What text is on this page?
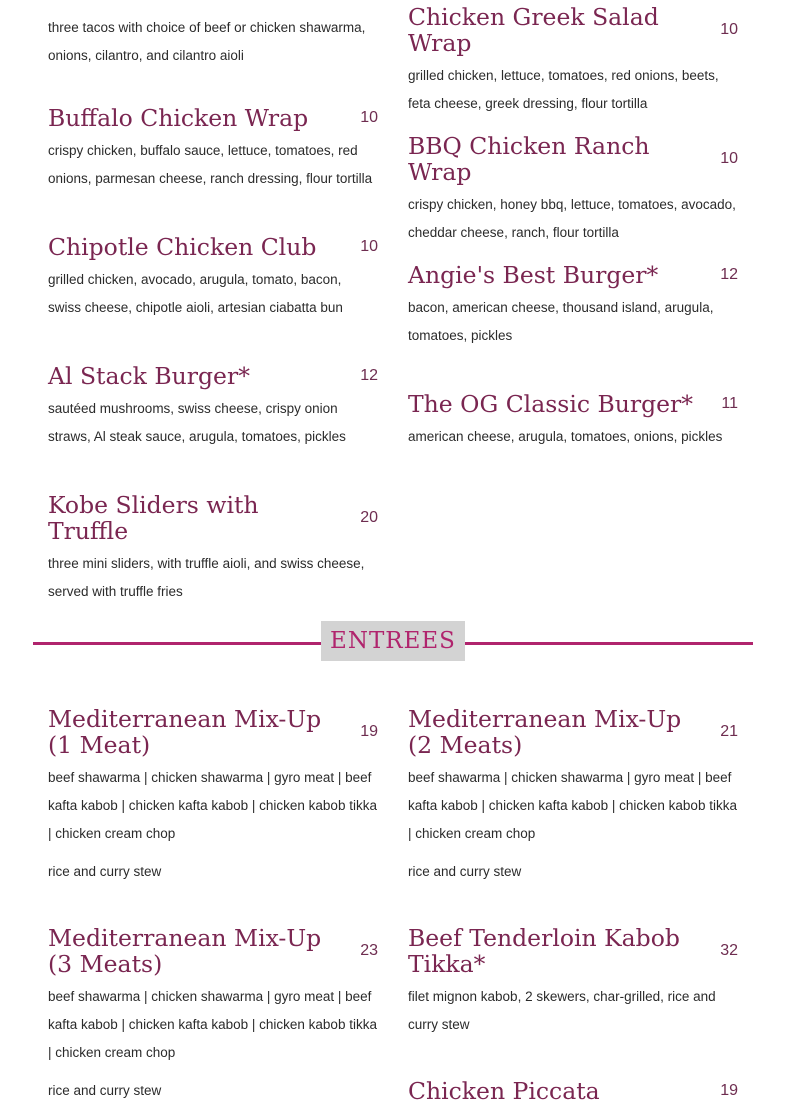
three tacos with choice of beef or chicken shawarma, onions, cilantro, and cilantro aioli
Chicken Greek Salad Wrap	10
grilled chicken, lettuce, tomatoes, red onions, beets, feta cheese, greek dressing, flour tortilla
Buffalo Chicken Wrap	10
crispy chicken, buffalo sauce, lettuce, tomatoes, red onions, parmesan cheese, ranch dressing, flour tortilla
BBQ Chicken Ranch Wrap	10
crispy chicken, honey bbq, lettuce, tomatoes, avocado, cheddar cheese, ranch, flour tortilla
Chipotle Chicken Club	10
grilled chicken, avocado, arugula, tomato, bacon, swiss cheese, chipotle aioli, artesian ciabatta bun
Angie's Best Burger*	12
bacon, american cheese, thousand island, arugula, tomatoes, pickles
Al Stack Burger*	12
sautéed mushrooms, swiss cheese, crispy onion straws, Al steak sauce, arugula, tomatoes, pickles
The OG Classic Burger*	11
american cheese, arugula, tomatoes, onions, pickles
Kobe Sliders with Truffle	20
three mini sliders, with truffle aioli, and swiss cheese, served with truffle fries
ENTREES
Mediterranean Mix-Up (1 Meat)	19
beef shawarma | chicken shawarma | gyro meat | beef kafta kabob | chicken kafta kabob | chicken kabob tikka | chicken cream chop
rice and curry stew
Mediterranean Mix-Up (2 Meats)	21
beef shawarma | chicken shawarma | gyro meat | beef kafta kabob | chicken kafta kabob | chicken kabob tikka | chicken cream chop
rice and curry stew
Mediterranean Mix-Up (3 Meats)	23
beef shawarma | chicken shawarma | gyro meat | beef kafta kabob | chicken kafta kabob | chicken kabob tikka | chicken cream chop
rice and curry stew
Beef Tenderloin Kabob Tikka*	32
filet mignon kabob, 2 skewers, char-grilled, rice and curry stew
Chicken Piccata	19
